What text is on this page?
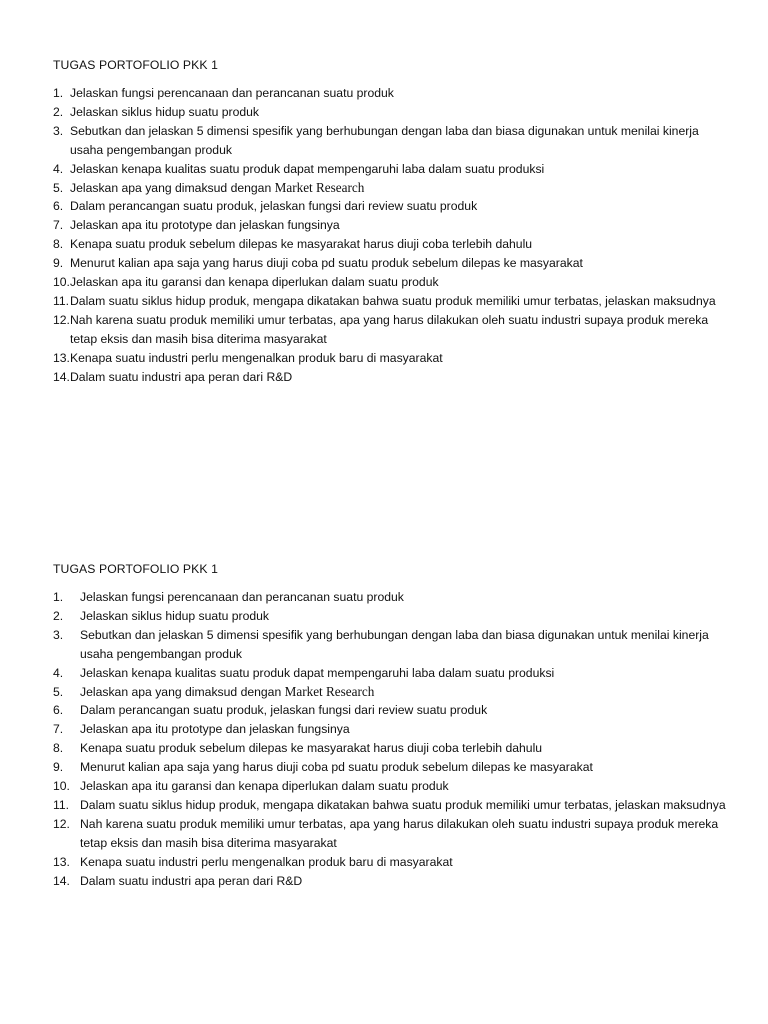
TUGAS PORTOFOLIO PKK 1
1. Jelaskan fungsi perencanaan dan perancanan suatu produk
2. Jelaskan siklus hidup suatu produk
3. Sebutkan dan jelaskan 5 dimensi spesifik yang berhubungan dengan laba dan biasa digunakan untuk menilai kinerja usaha pengembangan produk
4. Jelaskan kenapa kualitas suatu produk dapat mempengaruhi laba dalam suatu produksi
5. Jelaskan apa yang dimaksud dengan Market Research
6. Dalam perancangan suatu produk, jelaskan fungsi dari review suatu produk
7. Jelaskan apa itu prototype dan jelaskan fungsinya
8. Kenapa suatu produk sebelum dilepas ke masyarakat harus diuji coba terlebih dahulu
9. Menurut kalian apa saja yang harus diuji coba pd suatu produk sebelum dilepas ke masyarakat
10. Jelaskan apa itu garansi dan kenapa diperlukan dalam suatu produk
11. Dalam suatu siklus hidup produk, mengapa dikatakan bahwa suatu produk memiliki umur terbatas, jelaskan maksudnya
12. Nah karena suatu produk memiliki umur terbatas, apa yang harus dilakukan oleh suatu industri supaya produk mereka tetap eksis dan masih bisa diterima masyarakat
13. Kenapa suatu industri perlu mengenalkan produk baru di masyarakat
14. Dalam suatu industri apa peran dari R&D
TUGAS PORTOFOLIO PKK 1
1.	Jelaskan fungsi perencanaan dan perancanan suatu produk
2.	Jelaskan siklus hidup suatu produk
3.	Sebutkan dan jelaskan 5 dimensi spesifik yang berhubungan dengan laba dan biasa digunakan untuk menilai kinerja usaha pengembangan produk
4.	Jelaskan kenapa kualitas suatu produk dapat mempengaruhi laba dalam suatu produksi
5.	Jelaskan apa yang dimaksud dengan Market Research
6.	Dalam perancangan suatu produk, jelaskan fungsi dari review suatu produk
7.	Jelaskan apa itu prototype dan jelaskan fungsinya
8.	Kenapa suatu produk sebelum dilepas ke masyarakat harus diuji coba terlebih dahulu
9.	Menurut kalian apa saja yang harus diuji coba pd suatu produk sebelum dilepas ke masyarakat
10. Jelaskan apa itu garansi dan kenapa diperlukan dalam suatu produk
11. Dalam suatu siklus hidup produk, mengapa dikatakan bahwa suatu produk memiliki umur terbatas, jelaskan maksudnya
12. Nah karena suatu produk memiliki umur terbatas, apa yang harus dilakukan oleh suatu industri supaya produk mereka tetap eksis dan masih bisa diterima masyarakat
13. Kenapa suatu industri perlu mengenalkan produk baru di masyarakat
14. Dalam suatu industri apa peran dari R&D
